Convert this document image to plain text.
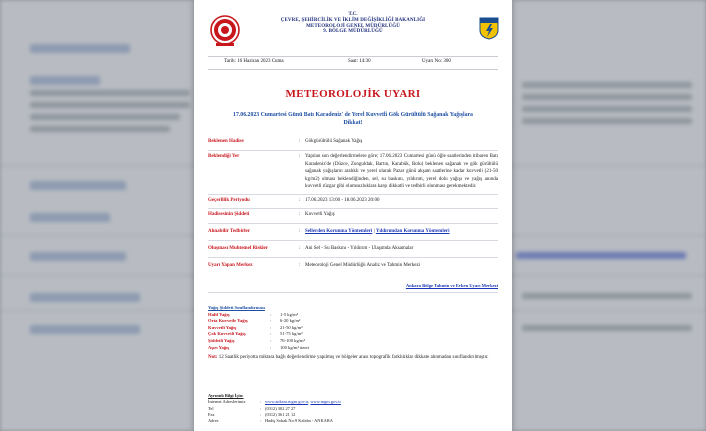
T.C.
ÇEVRE, ŞEHİRCİLİK VE İKLİM DEĞİŞİKLİĞİ BAKANLIĞI
METEOROLOJİ GENEL MÜDÜRLÜĞÜ
9. BÖLGE MÜDÜRLÜĞÜ
Tarih: 16 Haziran 2023 Cuma	Saat: 14:30	Uyarı No: 300
METEOROLOJİK UYARI
17.06.2023 Cumartesi Günü Batı Karadeniz' de Yerel Kuvvetli Gök Gürültülü Sağanak Yağışlara Dikkat!
Beklenen Hadise	: Gökgürültülü Sağanak Yağış
Beklendiği Yer	: Yapılan son değerlendirmelere göre; 17.06.2023 Cumartesi günü öğle saatlerinden itibaren Batı Karadeniz'de (Düzce, Zonguldak, Bartın, Karabük, Bolu) beklenen sağanak ve gök gürültülü sağanak yağışların aralıklı ve yerel olarak Pazar günü akşam saatlerine kadar kuvvetli (21-50 kg/m2) olması beklendiğinden, sel, su baskını, yıldırım, yerel dolu yağışı ve yağış anında kuvvetli rüzgar gibi olumsuzluklara karşı dikkatli ve tedbirli olunması gerekmektedir.
Geçerlilik Periyodu	: 17.06.2023 13:00 - 18.06.2023 20:00
Hadisesinin Şiddeti	: Kuvvetli Yağış
Alınabilir Tedbirler	: Sellerden Korunma Yöntemleri | Yıldırımdan Korunma Yöntemleri
Oluşması Muhtemel Riskler	: Ani Sel - Su Baskını - Yıldırım - Ulaşımda Aksamalar
Uyarı Yapan Merkez	: Meteoroloji Genel Müdürlüğü Analiz ve Tahmin Merkezi
Ankara Bölge Tahmin ve Erken Uyarı Merkezi
Yağış Şiddeti Sınıflandırması
Hafif Yağış	: 1-5 kg/m²
Orta Kuvvetle Yağış	: 6-20 kg/m²
Kuvvetli Yağış	: 21-50 kg/m²
Çok Kuvvetli Yağış	: 51-75 kg/m²
Şiddetli Yağış	: 76-100 kg/m²
Aşırı Yağış	: 100 kg/m² üzeri
Not: 12 Saatlik periyotta miktara bağlı değerlendirme yapılmış ve bölgeler arası topografik farklılıklar dikkate alınmadan sınıflandırılmıştır.
Ayrıntılı Bilgi İçin:
İnternet Adreslerimiz	: www.ankara.mgm.gov.tr, www.mgm.gov.tr
Tel	: (0312) 302 27 27
Fax	: (0312) 361 21 12
Adres	: Hadiş Sokak No:9 Kalaba - ANKARA
